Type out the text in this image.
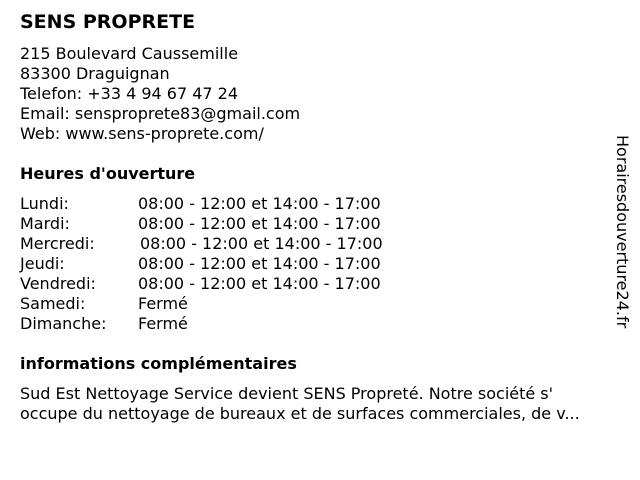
SENS PROPRETE
215 Boulevard Caussemille
83300 Draguignan
Telefon: +33 4 94 67 47 24
Email: sensproprete83@gmail.com
Web: www.sens-proprete.com/
Heures d'ouverture
Lundi:	08:00 - 12:00 et 14:00 - 17:00
Mardi:	08:00 - 12:00 et 14:00 - 17:00
Mercredi:	08:00 - 12:00 et 14:00 - 17:00
Jeudi:	08:00 - 12:00 et 14:00 - 17:00
Vendredi:	08:00 - 12:00 et 14:00 - 17:00
Samedi:	Fermé
Dimanche: Fermé
informations complémentaires
Sud Est Nettoyage Service devient SENS Propreté. Notre société s'
occupe du nettoyage de bureaux et de surfaces commerciales, de v...
Horairesdouverture24.fr
